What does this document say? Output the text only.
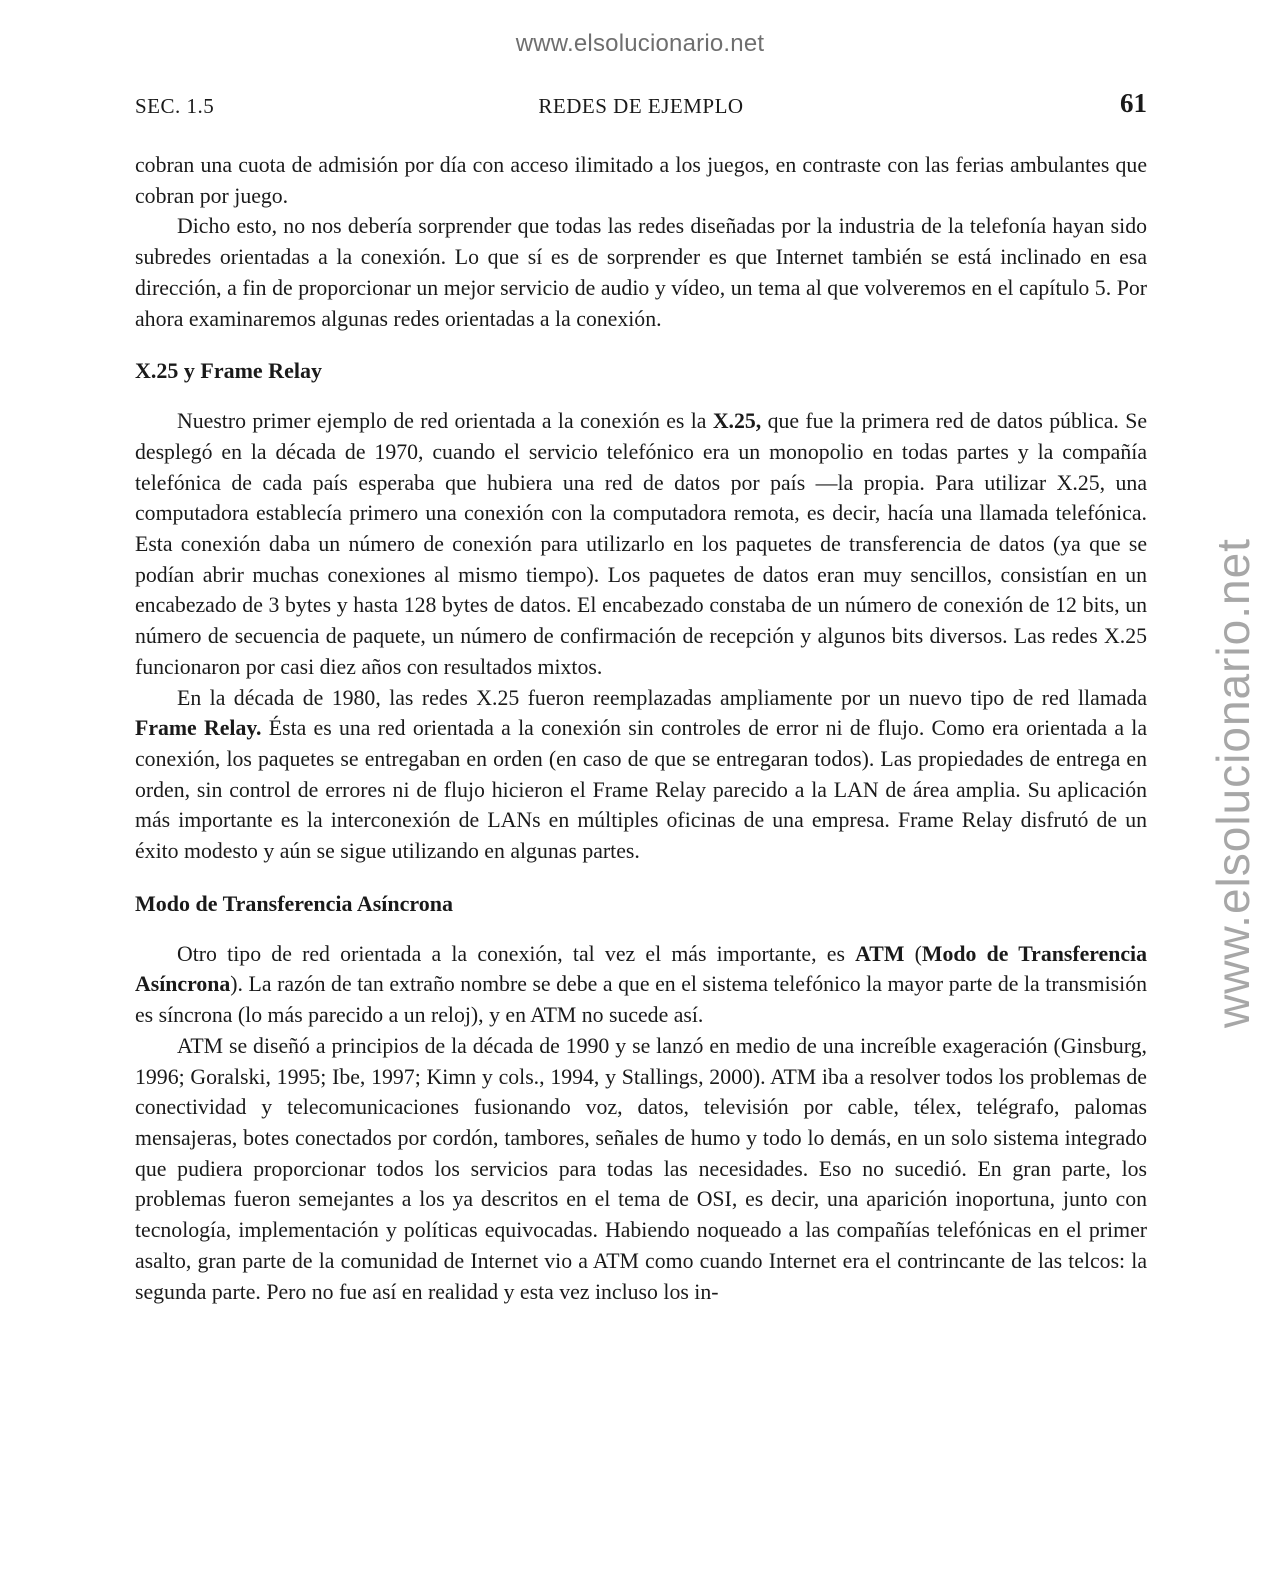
www.elsolucionario.net
www.elsolucionario.net
SEC. 1.5	REDES DE EJEMPLO	61

cobran una cuota de admisión por día con acceso ilimitado a los juegos, en contraste con las ferias ambulantes que cobran por juego.

Dicho esto, no nos debería sorprender que todas las redes diseñadas por la industria de la telefonía hayan sido subredes orientadas a la conexión. Lo que sí es de sorprender es que Internet también se está inclinado en esa dirección, a fin de proporcionar un mejor servicio de audio y vídeo, un tema al que volveremos en el capítulo 5. Por ahora examinaremos algunas redes orientadas a la conexión.

X.25 y Frame Relay

Nuestro primer ejemplo de red orientada a la conexión es la X.25, que fue la primera red de datos pública. Se desplegó en la década de 1970, cuando el servicio telefónico era un monopolio en todas partes y la compañía telefónica de cada país esperaba que hubiera una red de datos por país —la propia. Para utilizar X.25, una computadora establecía primero una conexión con la computadora remota, es decir, hacía una llamada telefónica. Esta conexión daba un número de conexión para utilizarlo en los paquetes de transferencia de datos (ya que se podían abrir muchas conexiones al mismo tiempo). Los paquetes de datos eran muy sencillos, consistían en un encabezado de 3 bytes y hasta 128 bytes de datos. El encabezado constaba de un número de conexión de 12 bits, un número de secuencia de paquete, un número de confirmación de recepción y algunos bits diversos. Las redes X.25 funcionaron por casi diez años con resultados mixtos.

En la década de 1980, las redes X.25 fueron reemplazadas ampliamente por un nuevo tipo de red llamada Frame Relay. Ésta es una red orientada a la conexión sin controles de error ni de flujo. Como era orientada a la conexión, los paquetes se entregaban en orden (en caso de que se entregaran todos). Las propiedades de entrega en orden, sin control de errores ni de flujo hicieron el Frame Relay parecido a la LAN de área amplia. Su aplicación más importante es la interconexión de LANs en múltiples oficinas de una empresa. Frame Relay disfrutó de un éxito modesto y aún se sigue utilizando en algunas partes.

Modo de Transferencia Asíncrona

Otro tipo de red orientada a la conexión, tal vez el más importante, es ATM (Modo de Transferencia Asíncrona). La razón de tan extraño nombre se debe a que en el sistema telefónico la mayor parte de la transmisión es síncrona (lo más parecido a un reloj), y en ATM no sucede así.

ATM se diseñó a principios de la década de 1990 y se lanzó en medio de una increíble exageración (Ginsburg, 1996; Goralski, 1995; Ibe, 1997; Kimn y cols., 1994, y Stallings, 2000). ATM iba a resolver todos los problemas de conectividad y telecomunicaciones fusionando voz, datos, televisión por cable, télex, telégrafo, palomas mensajeras, botes conectados por cordón, tambores, señales de humo y todo lo demás, en un solo sistema integrado que pudiera proporcionar todos los servicios para todas las necesidades. Eso no sucedió. En gran parte, los problemas fueron semejantes a los ya descritos en el tema de OSI, es decir, una aparición inoportuna, junto con tecnología, implementación y políticas equivocadas. Habiendo noqueado a las compañías telefónicas en el primer asalto, gran parte de la comunidad de Internet vio a ATM como cuando Internet era el contrincante de las telcos: la segunda parte. Pero no fue así en realidad y esta vez incluso los in-
